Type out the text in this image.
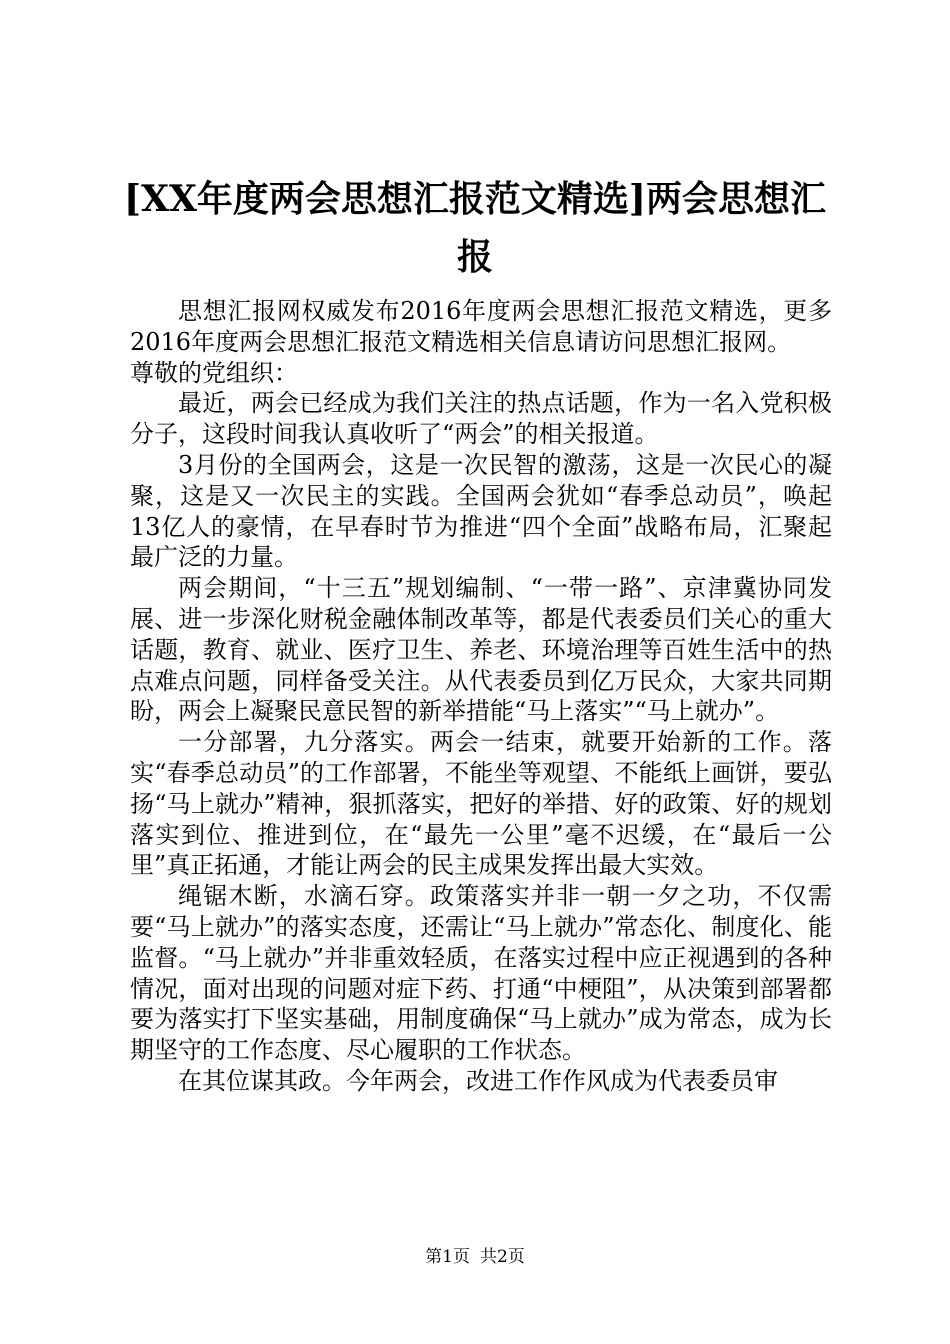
[XX年度两会思想汇报范文精选]两会思想汇报

思想汇报网权威发布2016年度两会思想汇报范文精选，更多2016年度两会思想汇报范文精选相关信息请访问思想汇报网。

尊敬的党组织：

最近，两会已经成为我们关注的热点话题，作为一名入党积极分子，这段时间我认真收听了“两会”的相关报道。

3月份的全国两会，这是一次民智的激荡，这是一次民心的凝聚，这是又一次民主的实践。全国两会犹如“春季总动员”，唤起13亿人的豪情，在早春时节为推进“四个全面”战略布局，汇聚起最广泛的力量。

两会期间，“十三五”规划编制、“一带一路”、京津冀协同发展、进一步深化财税金融体制改革等，都是代表委员们关心的重大话题，教育、就业、医疗卫生、养老、环境治理等百姓生活中的热点难点问题，同样备受关注。从代表委员到亿万民众，大家共同期盼，两会上凝聚民意民智的新举措能“马上落实”“马上就办”。

一分部署，九分落实。两会一结束，就要开始新的工作。落实“春季总动员”的工作部署，不能坐等观望、不能纸上画饼，要弘扬“马上就办”精神，狠抓落实，把好的举措、好的政策、好的规划落实到位、推进到位，在“最先一公里”毫不迟缓，在“最后一公里”真正拓通，才能让两会的民主成果发挥出最大实效。

绳锯木断，水滴石穿。政策落实并非一朝一夕之功，不仅需要“马上就办”的落实态度，还需让“马上就办”常态化、制度化、能监督。“马上就办”并非重效轻质，在落实过程中应正视遇到的各种情况，面对出现的问题对症下药、打通“中梗阻”，从决策到部署都要为落实打下坚实基础，用制度确保“马上就办”成为常态，成为长期坚守的工作态度、尽心履职的工作状态。

在其位谋其政。今年两会，改进工作作风成为代表委员审

第1页 共2页
